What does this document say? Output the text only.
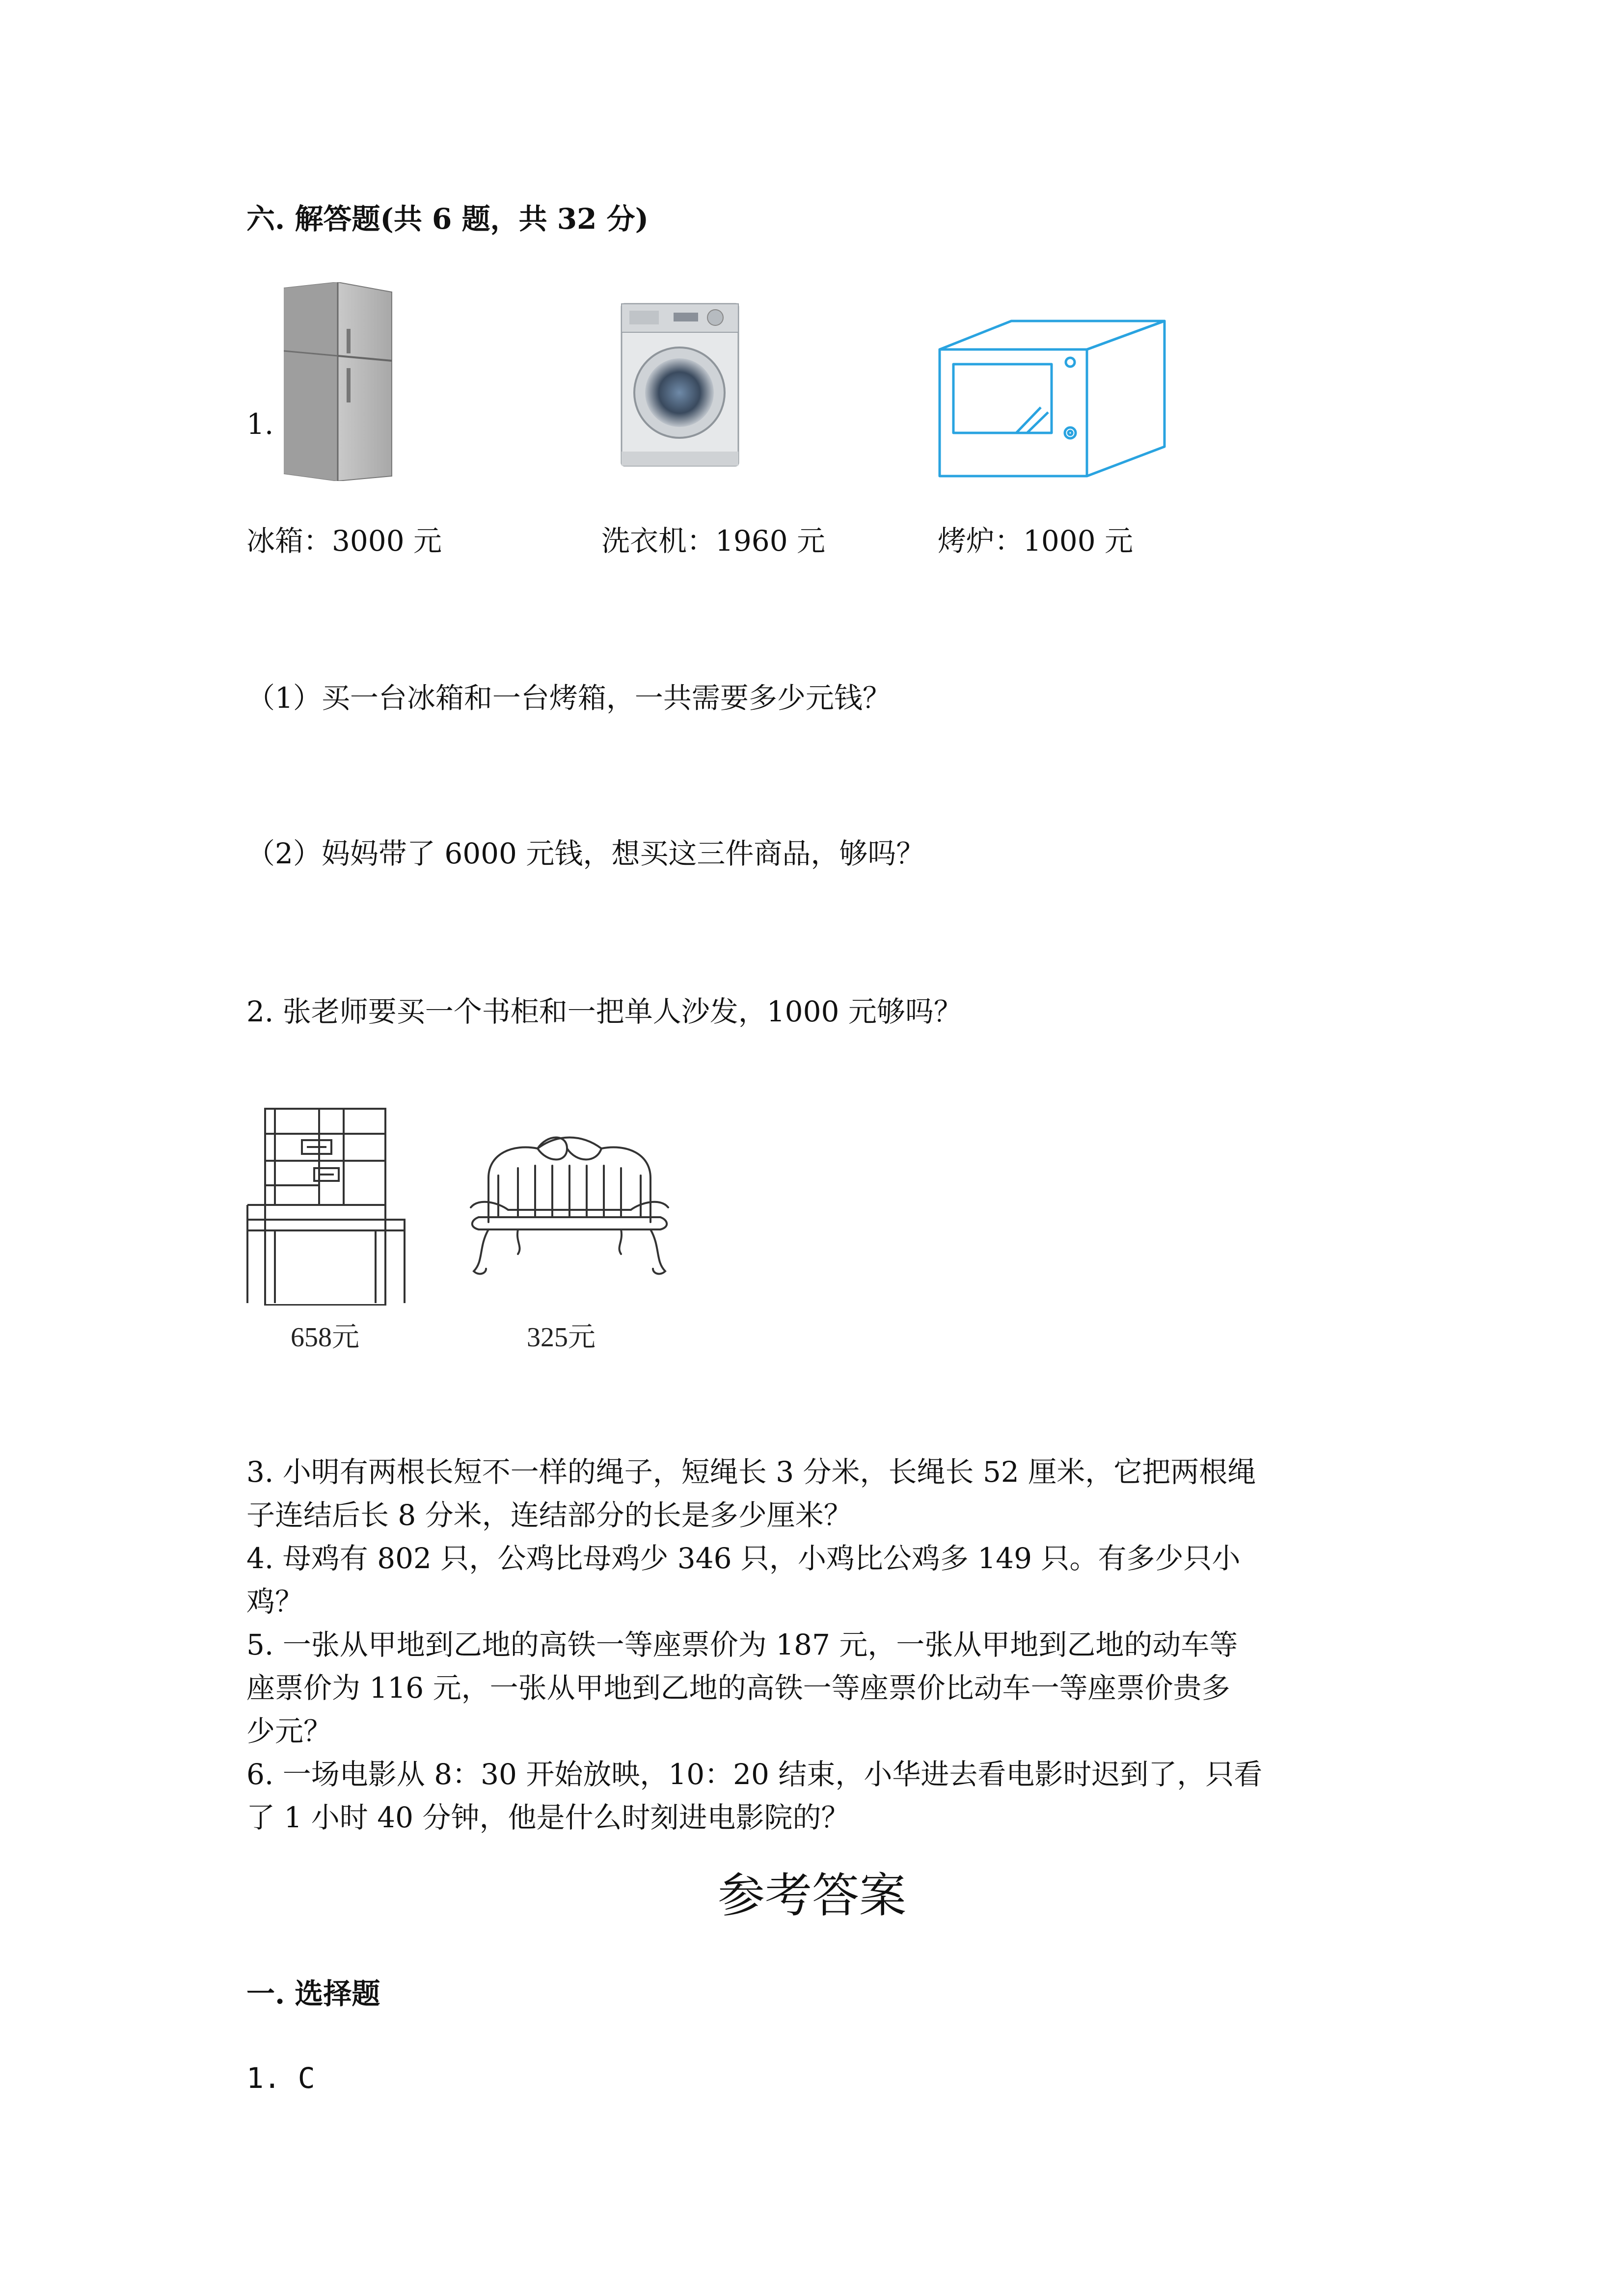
六. 解答题(共 6 题，共 32 分)
1.
冰箱：3000 元	洗衣机：1960 元	烤炉：1000 元
（1）买一台冰箱和一台烤箱，一共需要多少元钱？
（2）妈妈带了 6000 元钱，想买这三件商品，够吗？
2. 张老师要买一个书柜和一把单人沙发，1000 元够吗？
658元	325元
3. 小明有两根长短不一样的绳子，短绳长 3 分米，长绳长 52 厘米，它把两根绳
子连结后长 8 分米，连结部分的长是多少厘米？
4. 母鸡有 802 只，公鸡比母鸡少 346 只，小鸡比公鸡多 149 只。有多少只小
鸡？
5. 一张从甲地到乙地的高铁一等座票价为 187 元，一张从甲地到乙地的动车等
座票价为 116 元，一张从甲地到乙地的高铁一等座票价比动车一等座票价贵多
少元？
6. 一场电影从 8：30 开始放映，10：20 结束，小华进去看电影时迟到了，只看
了 1 小时 40 分钟，他是什么时刻进电影院的？
参考答案
一. 选择题
1. C
